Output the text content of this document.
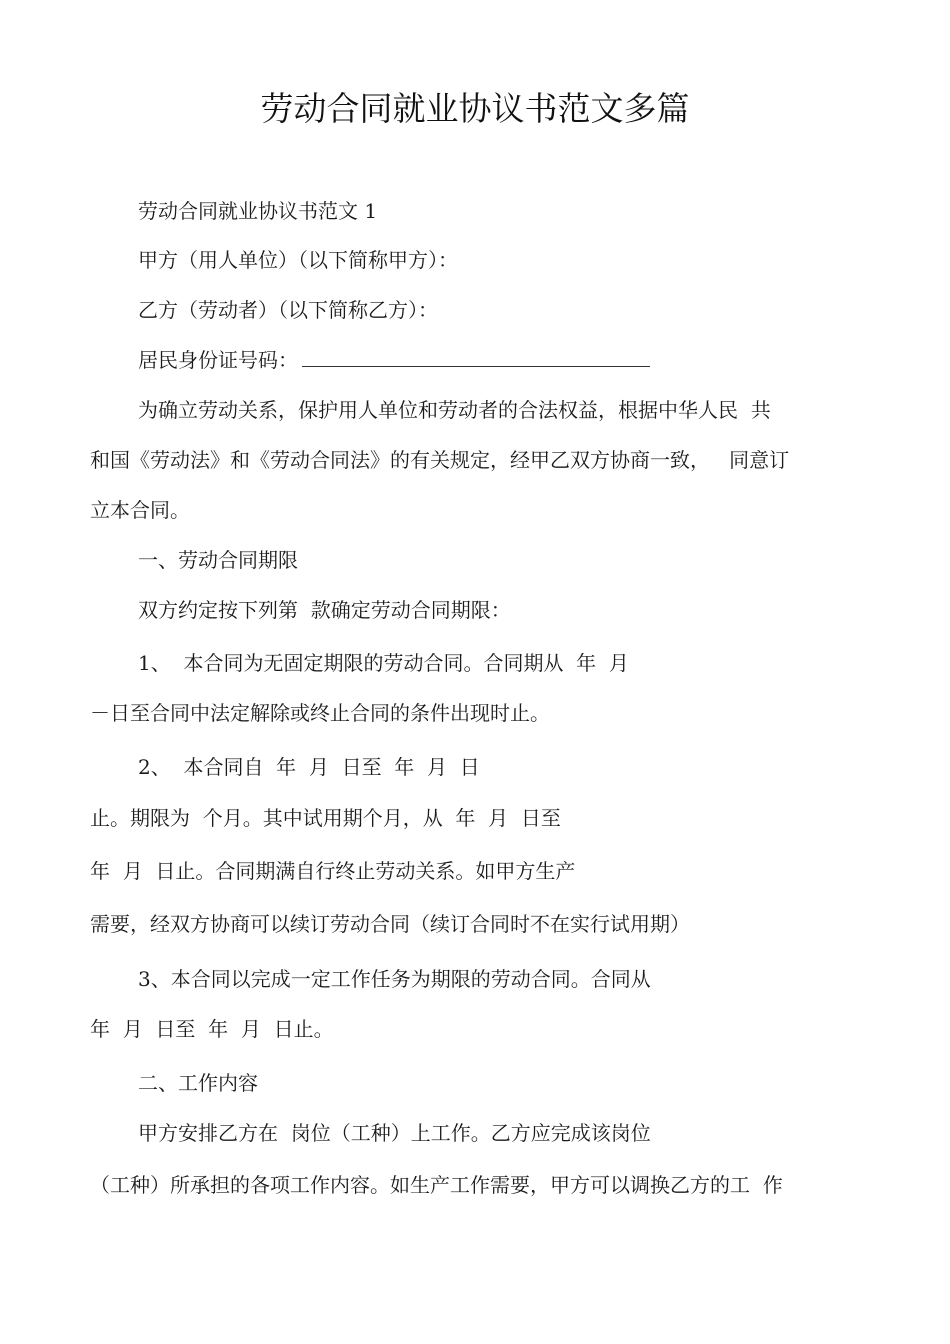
劳动合同就业协议书范文多篇

劳动合同就业协议书范文 1

甲方（用人单位）（以下简称甲方）：

乙方（劳动者）（以下简称乙方）：

居民身份证号码：

为确立劳动关系，保护用人单位和劳动者的合法权益，根据中华人民  共

和国《劳动法》和《劳动合同法》的有关规定，经甲乙双方协商一致，   同意订

立本合同。

一、劳动合同期限

双方约定按下列第  款确定劳动合同期限：

1、  本合同为无固定期限的劳动合同。合同期从  年  月

－日至合同中法定解除或终止合同的条件出现时止。

2、  本合同自  年  月  日至  年  月  日

止。期限为  个月。其中试用期个月，从  年  月  日至

年  月  日止。合同期满自行终止劳动关系。如甲方生产

需要，经双方协商可以续订劳动合同（续订合同时不在实行试用期）

3、本合同以完成一定工作任务为期限的劳动合同。合同从

年  月  日至  年  月  日止。

二、工作内容

甲方安排乙方在  岗位（工种）上工作。乙方应完成该岗位

（工种）所承担的各项工作内容。如生产工作需要，甲方可以调换乙方的工  作
